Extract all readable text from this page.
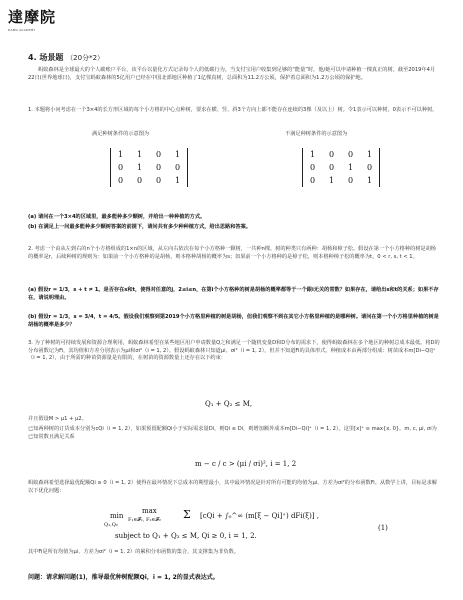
達摩院
DAMO ACADEMY
4. 场景题 （20分*2）
蚂蚁森林是全球最大的个人碳账户平台，该平台以量化方式记录每个人的低碳行为。当支付宝用户收集到足够的“能量”时，他/她可以申请种植一棵真正的树。截至2019年4月22日(世界地球日)，支付宝蚂蚁森林的5亿用户已经在中国北部地区种植了1亿棵真树，总面积为11.2万公顷，保护着总面积为1.2万公顷的保护地。
1. 本题将小问考虑在一个3×4的长方形区域的每个小方格的中心点种树，要求在横、竖、斜3个方向上都不能存在连续的3棵（及以上）树。令1表示可以种树，0表示不可以种树。
满足种树条件的示意图为	不满足种树条件的示意图为
1	1	0	1
0	1	0	0
0	0	0	1
1	0	0	1
0	0	1	0
0	1	0	1
(a) 请问在一个3×4的区域里，最多能种多少颗树，并给出一种种植的方式。
(b) 在满足上一问最多能种多少颗树答案的前提下，请问共有多少种种植方式，给出思路和答案。
2. 考虑一个由从左到右的n个小方格组成的1×n的区域，从左向右依次在每个小方格种一颗树，一共种n棵。树的种类只有两种：胡杨和樟子松。假设在第一个小方格种的树是胡杨的概率是r，后续种树的规则为：如果前一个小方格种的是胡杨，则本格种胡杨的概率为s；如果前一个小方格种的是樟子松，则本格种樟子松的概率为t。0 < r, s, t < 1。
(a) 假设r = 1/3，s + t ≠ 1。是否存在s和t，使得对任意的j，2≤i≤n，在第i个小方格种的树是胡杨的概率都等于一个跟i无关的常数？如果存在，请给出s和t的关系；如果不存在，请说明理由。
(b) 假设r = 1/3，s = 3/4，t = 4/5。假设我们观察到第2019个小方格里种植的树是胡杨，但我们观察不到在其它小方格里种植的是哪种树。请问在第一个小方格里种植的树是胡杨的概率是多少？
3. 为了种树的可持续发展和资源合理利用，蚂蚁森林希望在某些地区用户申请数量Q之和满足一个随机变量D和D分布的需求下，使得蚂蚁森林在多个地区的种树总成本最低。将D的分布函数记为Fi，其均值和方差分别表示为μi和σi²（i = 1, 2）。假设蚂蚁森林只知道μi、σi²（i = 1, 2），但并不知道Fi的具体形式。种植成本由两部分组成：树苗成本m[Di−Qi]⁺（i = 1, 2），由于所需的种苗资源量是有限的，在树苗的资源数量上还存在以下约束：
Q₁ + Q₂ ≤ M,
并且假设M > μ1 + μ2。
已知两种树的订货成本分别为cQi（i = 1, 2），如果预留配额Qi小于实际需求量Di，则Qi ≤ Di，则增加额外成本m[Di−Qi]⁺（i = 1, 2）。这里[x]⁺ ≡ max{x, 0}。m, c, μi, σi为已知常数且满足关系
m − c / c > (μi / σi)², i = 1, 2
蚂蚁森林希望选择最优配额Qi ≥ 0（i = 1, 2）使得在最坏情况下总成本的期望最小，其中最坏情况是针对所有可能的均值为μi、方差为σi²的分布函数Fi。从数学上讲，目标是求解以下优化问题：
min
Q₁,Q₂
max
F₁∈𝓕₁, F₂∈𝓕₂ Σ [cQi + ∫₀^∞ (m[ξ − Qi]⁺) dFi(ξ)] ,
subject to Q₁ + Q₂ ≤ M, Qi ≥ 0, i = 1, 2.
(1)
其中Fi是所有均值为μi、方差为σi²（i = 1, 2）的累积分布函数的集合，其支撑集为非负数。
问题：请求解问题(1)，推导最优种树配额Qi，i = 1, 2的显式表达式。
